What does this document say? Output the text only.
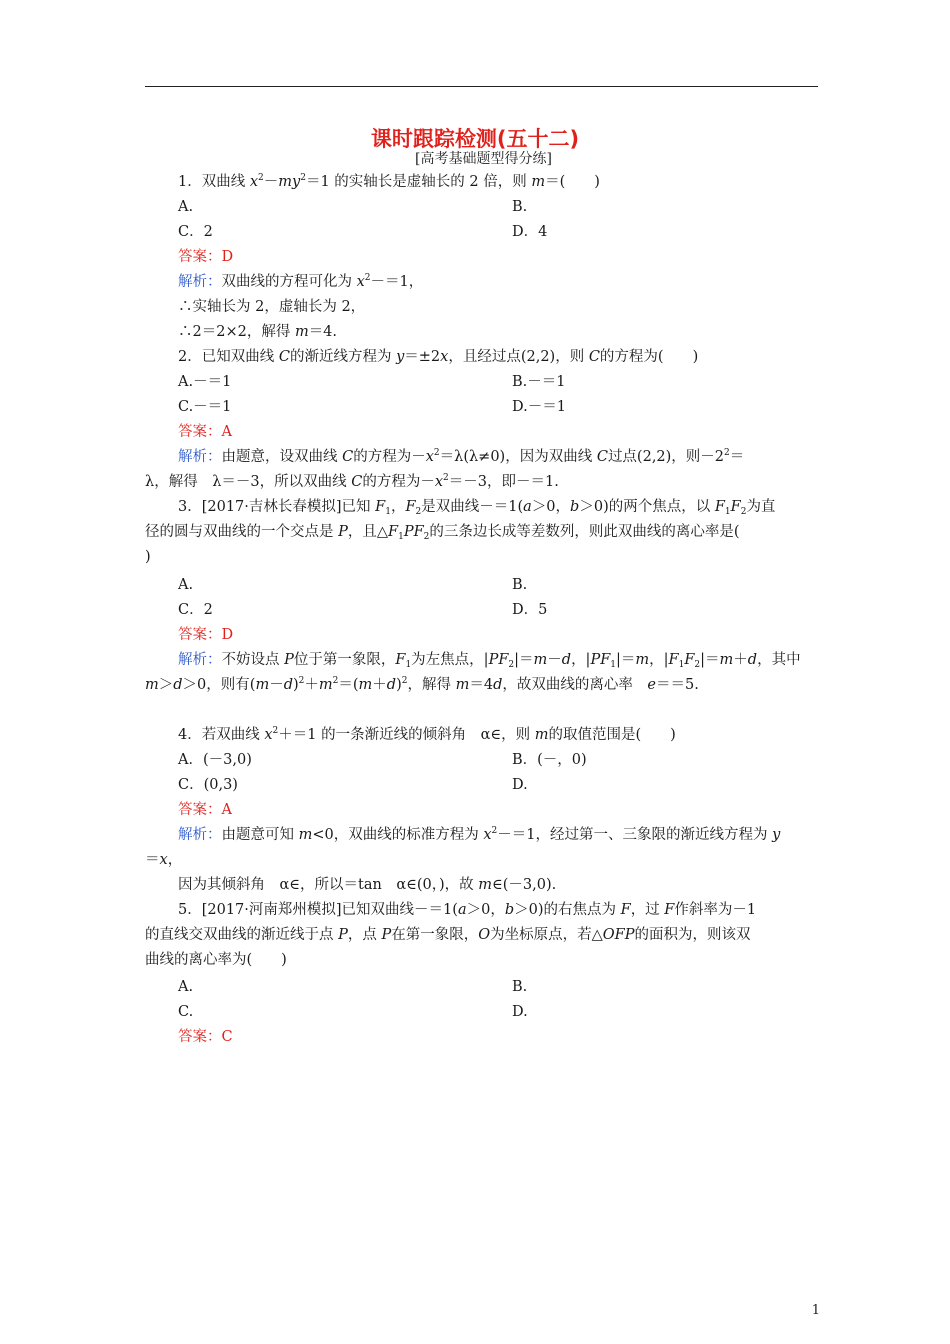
课时跟踪检测(五十二)
[高考基础题型得分练]
1．双曲线 $x^2-my^2=1$ 的实轴长是虚轴长的 2 倍，则 m＝(　　)
A.	B.
C．2	D．4
答案：D
解析：双曲线的方程可化为 $x^2-=1$，
∴实轴长为 2，虚轴长为 2，
∴2＝2×2，解得 m＝4.
2．已知双曲线 C的渐近线方程为 y＝±2x，且经过点(2,2)，则 C的方程为(　　)
A.－＝1	B.－＝1
C.－＝1	D.－＝1
答案：A
解析：由题意，设双曲线 C的方程为$-x^2=\lambda(\lambda\ne 0)$，因为双曲线 C过点(2,2)，则$-2^2=$
λ，解得　λ＝－3，所以双曲线 C的方程为$-x^2=-3$，即－＝1.
3．[2017·吉林长春模拟]已知 $F_1$，$F_2$是双曲线－＝1(a＞0，b＞0)的两个焦点，以 $F_1F_2$为直
径的圆与双曲线的一个交点是 P，且$\triangle F_1PF_2$的三条边长成等差数列，则此双曲线的离心率是(
)
A.	B.
C．2	D．5
答案：D
解析：不妨设点 P位于第一象限，$F_1$为左焦点，$|PF_2|=m-d$，$|PF_1|=m$，$|F_1F_2|=m+d$，其中
m＞d＞0，则有$(m-d)^2+m^2=(m+d)^2$，解得 m＝4d，故双曲线的离心率　e＝＝5.
4．若双曲线 $x^2+=1$ 的一条渐近线的倾斜角　α∈，则 m的取值范围是(　　)
A．(－3,0)	B．(－，0)
C．(0,3)	D.
答案：A
解析：由题意可知 m<0，双曲线的标准方程为 $x^2-=1$，经过第一、三象限的渐近线方程为 y
＝x，
因为其倾斜角　α∈，所以＝tan　α∈(0，)，故 m∈(－3,0).
5．[2017·河南郑州模拟]已知双曲线－＝1(a＞0，b＞0)的右焦点为 F，过 F作斜率为－1
的直线交双曲线的渐近线于点 P，点 P在第一象限，O为坐标原点，若△OFP的面积为，则该双
曲线的离心率为(　　)
A.	B.
C.	D.
答案：C
1
